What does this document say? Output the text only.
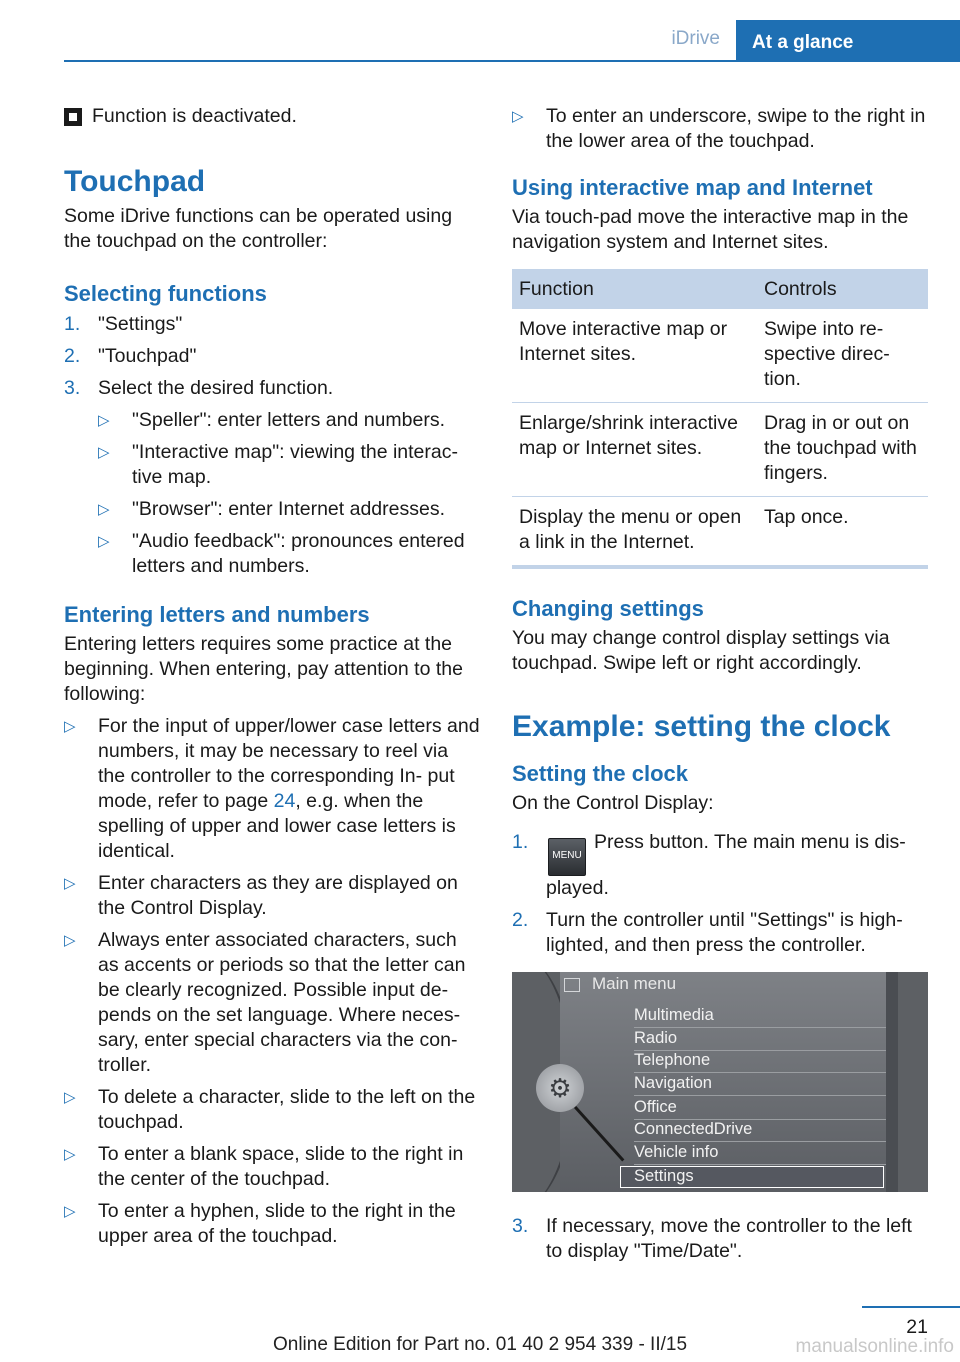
iDrive	At a glance
Function is deactivated.
Touchpad

Some iDrive functions can be operated using the touchpad on the controller:

Selecting functions
1. "Settings"
2. "Touchpad"
3. Select the desired function.
▷	"Speller": enter letters and numbers.
▷	"Interactive map": viewing the interac‐ tive map.
▷	"Browser": enter Internet addresses.
▷	"Audio feedback": pronounces entered letters and numbers.
Entering letters and numbers

Entering letters requires some practice at the beginning. When entering, pay attention to the following:

▷	For the input of upper/lower case letters and numbers, it may be necessary to reel via the controller to the corresponding In‐ put mode, refer to page 24, e.g. when the spelling of upper and lower case letters is identical.
▷	Enter characters as they are displayed on the Control Display.
▷	Always enter associated characters, such as accents or periods so that the letter can be clearly recognized. Possible input de‐ pends on the set language. Where neces‐ sary, enter special characters via the con‐ troller.
▷	To delete a character, slide to the left on the touchpad.
▷	To enter a blank space, slide to the right in the center of the touchpad.
▷	To enter a hyphen, slide to the right in the upper area of the touchpad.
▷	To enter an underscore, swipe to the right in the lower area of the touchpad.
Using interactive map and Internet

Via touch-pad move the interactive map in the navigation system and Internet sites.

Function	Controls
Move interactive map or Internet sites.	Swipe into re‐ spective direc‐ tion.
Enlarge/shrink interactive map or Internet sites.	Drag in or out on the touchpad with fingers.
Display the menu or open a link in the Internet.	Tap once.
Changing settings

You may change control display settings via touchpad. Swipe left or right accordingly.

Example: setting the clock
Setting the clock

On the Control Display:

1.
MENUPress button. The main menu is dis‐ played.
2. Turn the controller until "Settings" is high‐ lighted, and then press the controller.
Main menu
Multimedia
Radio
Telephone
Navigation
Office
ConnectedDrive
Vehicle info
Settings
⚙
3. If necessary, move the controller to the left to display "Time/Date".
21
Online Edition for Part no. 01 40 2 954 339 - II/15	manualsonline.info
